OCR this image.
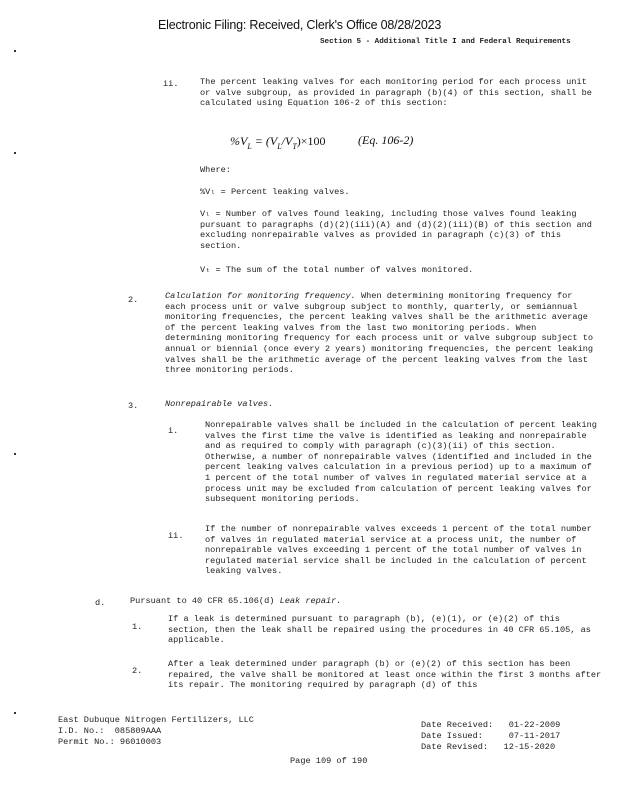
Electronic Filing: Received, Clerk's Office 08/28/2023
Section 5 - Additional Title I and Federal Requirements
ii.	The percent leaking valves for each monitoring period for each process unit or valve subgroup, as provided in paragraph (b)(4) of this section, shall be calculated using Equation 106-2 of this section:
$\%V_L = (V_L/V_T)\times 100$	(Eq. 106-2)
Where:
%Vₗ = Percent leaking valves.
Vₗ = Number of valves found leaking, including those valves found leaking pursuant to paragraphs (d)(2)(iii)(A) and (d)(2)(iii)(B) of this section and excluding nonrepairable valves as provided in paragraph (c)(3) of this section.
Vₜ = The sum of the total number of valves monitored.
2.	Calculation for monitoring frequency. When determining monitoring frequency for each process unit or valve subgroup subject to monthly, quarterly, or semiannual monitoring frequencies, the percent leaking valves shall be the arithmetic average of the percent leaking valves from the last two monitoring periods. When determining monitoring frequency for each process unit or valve subgroup subject to annual or biennial (once every 2 years) monitoring frequencies, the percent leaking valves shall be the arithmetic average of the percent leaking valves from the last three monitoring periods.
3.	Nonrepairable valves.
i.
Nonrepairable valves shall be included in the calculation of percent leaking valves the first time the valve is identified as leaking and nonrepairable and as required to comply with paragraph (c)(3)(ii) of this section. Otherwise, a number of nonrepairable valves (identified and included in the percent leaking valves calculation in a previous period) up to a maximum of 1 percent of the total number of valves in regulated material service at a process unit may be excluded from calculation of percent leaking valves for subsequent monitoring periods.
ii.
If the number of nonrepairable valves exceeds 1 percent of the total number of valves in regulated material service at a process unit, the number of nonrepairable valves exceeding 1 percent of the total number of valves in regulated material service shall be included in the calculation of percent leaking valves.
d.	Pursuant to 40 CFR 65.106(d) Leak repair.
1.
If a leak is determined pursuant to paragraph (b), (e)(1), or (e)(2) of this section, then the leak shall be repaired using the procedures in 40 CFR 65.105, as applicable.
2.
After a leak determined under paragraph (b) or (e)(2) of this section has been repaired, the valve shall be monitored at least once within the first 3 months after its repair. The monitoring required by paragraph (d) of this
East Dubuque Nitrogen Fertilizers, LLC
I.D. No.: 085809AAA
Permit No.: 96010003
Date Received: 01-22-2009
Date Issued:	07-11-2017
Date Revised: 12-15-2020
Page 109 of 190
